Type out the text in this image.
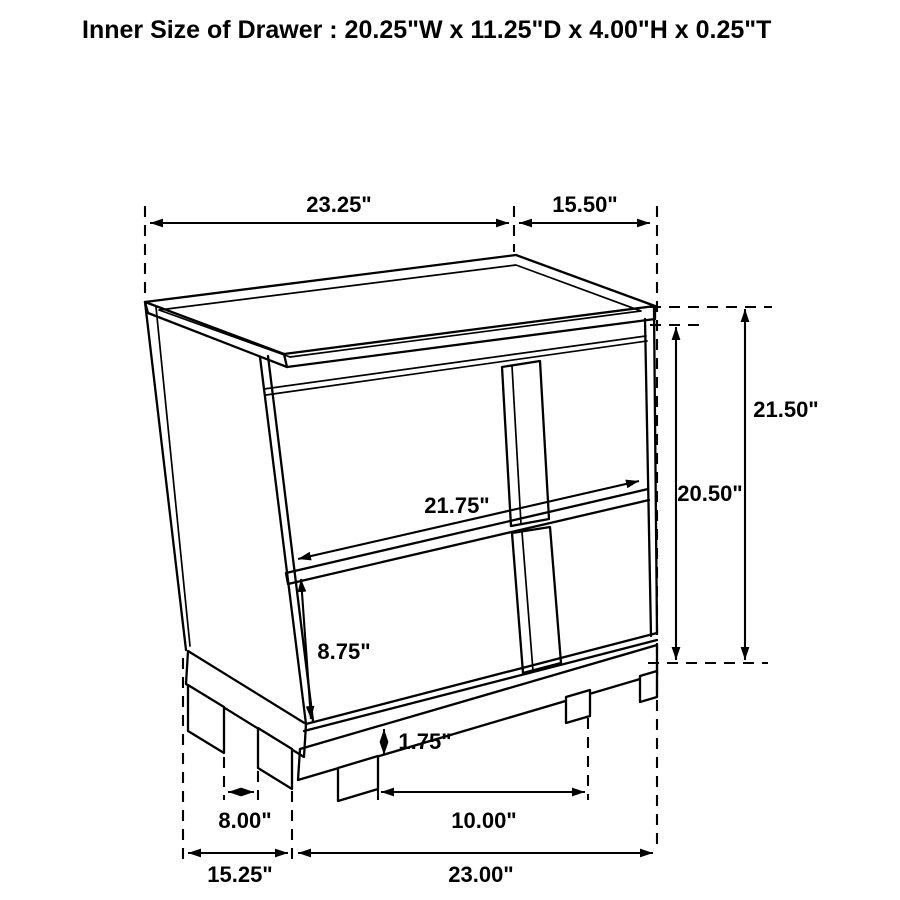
Inner Size of Drawer : 20.25"W x 11.25"D x 4.00"H x 0.25"T
23.25"	15.50"
21.50"
20.50"
21.75"
8.75"
1.75"
10.00"
8.00"
15.25"	23.00"
